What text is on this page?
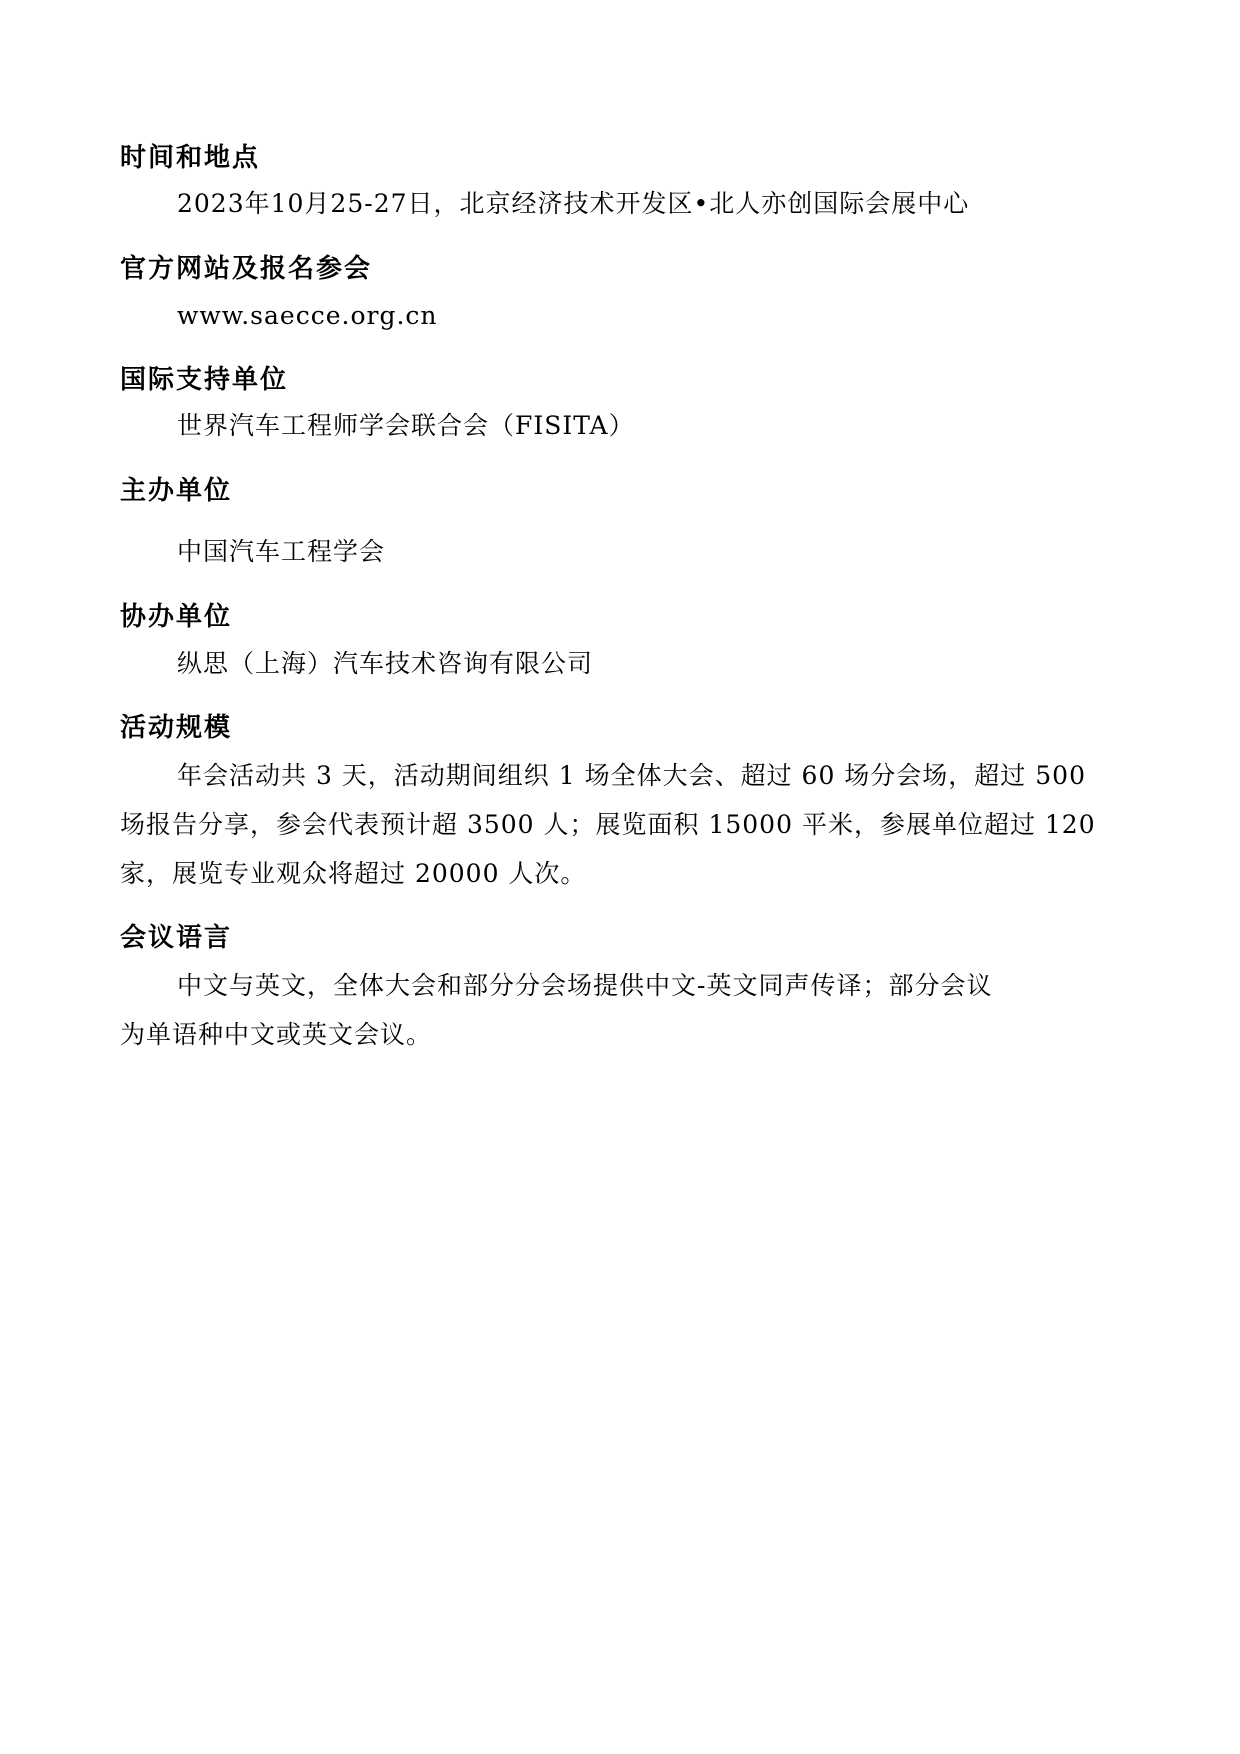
时间和地点
2023年10月25-27日，北京经济技术开发区•北人亦创国际会展中心
官方网站及报名参会
www.saecce.org.cn
国际支持单位
世界汽车工程师学会联合会（FISITA）
主办单位
中国汽车工程学会
协办单位
纵思（上海）汽车技术咨询有限公司
活动规模
年会活动共 3 天，活动期间组织 1 场全体大会、超过 60 场分会场，超过 500
场报告分享，参会代表预计超 3500 人；展览面积 15000 平米，参展单位超过 120
家，展览专业观众将超过 20000 人次。
会议语言
中文与英文，全体大会和部分分会场提供中文-英文同声传译；部分会议
为单语种中文或英文会议。
